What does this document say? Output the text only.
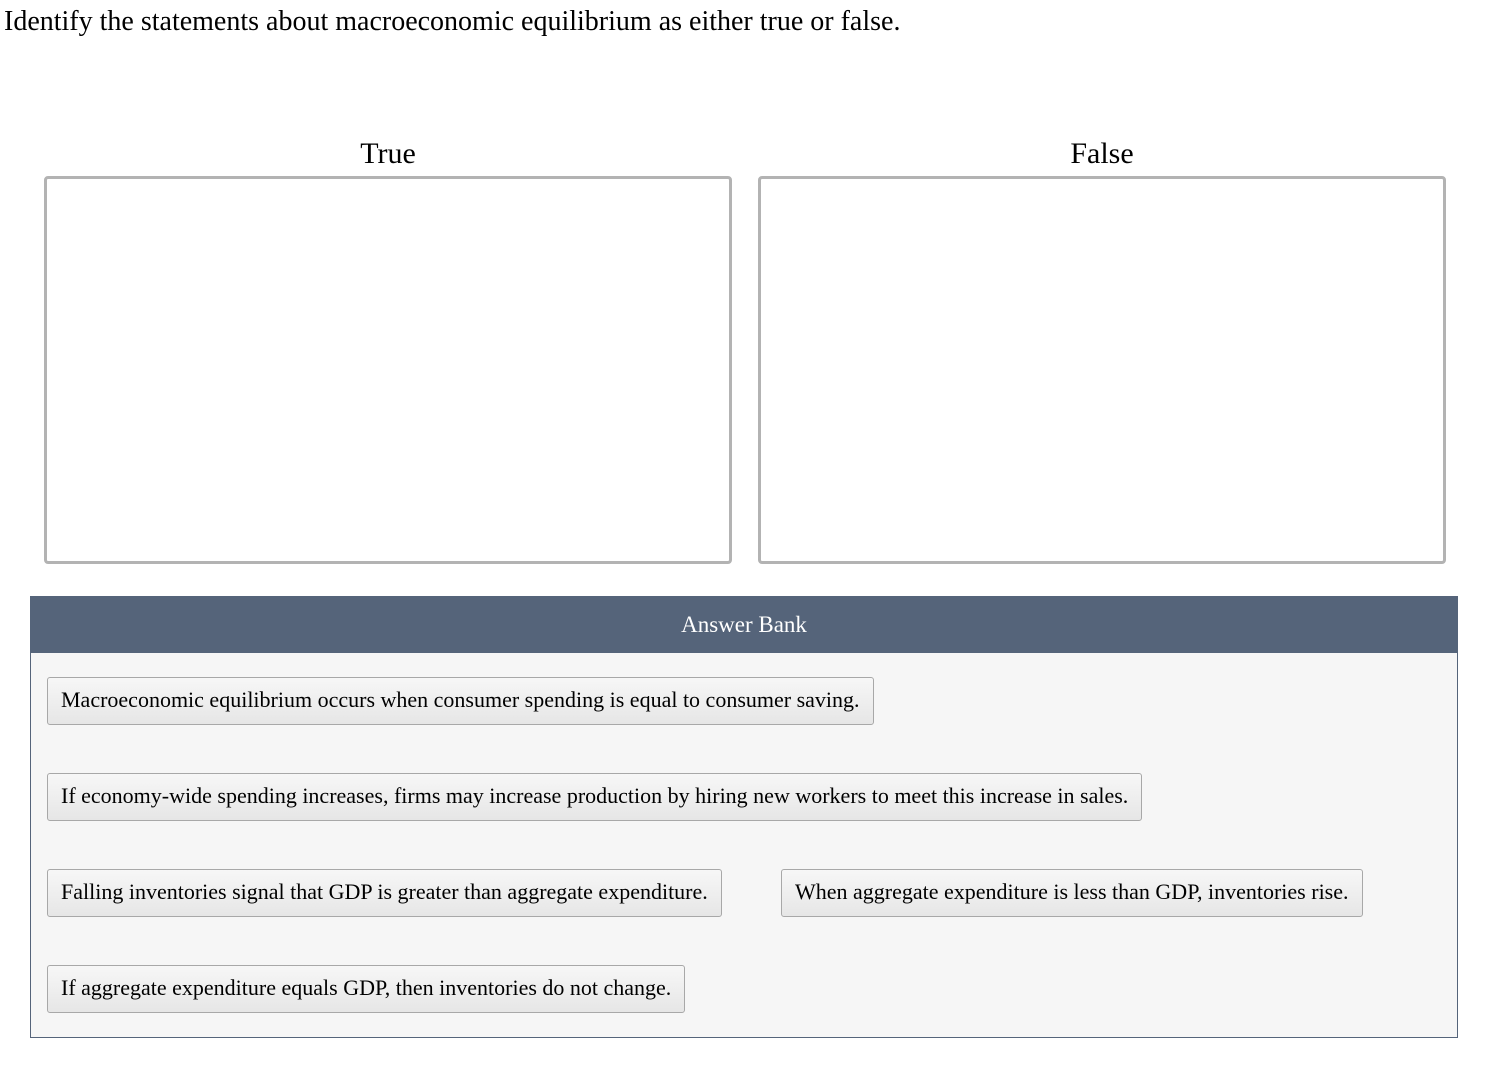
Identify the statements about macroeconomic equilibrium as either true or false.
True	False
Answer Bank
Macroeconomic equilibrium occurs when consumer spending is equal to consumer saving.
If economy-wide spending increases, firms may increase production by hiring new workers to meet this increase in sales.
Falling inventories signal that GDP is greater than aggregate expenditure.	When aggregate expenditure is less than GDP, inventories rise.
If aggregate expenditure equals GDP, then inventories do not change.
